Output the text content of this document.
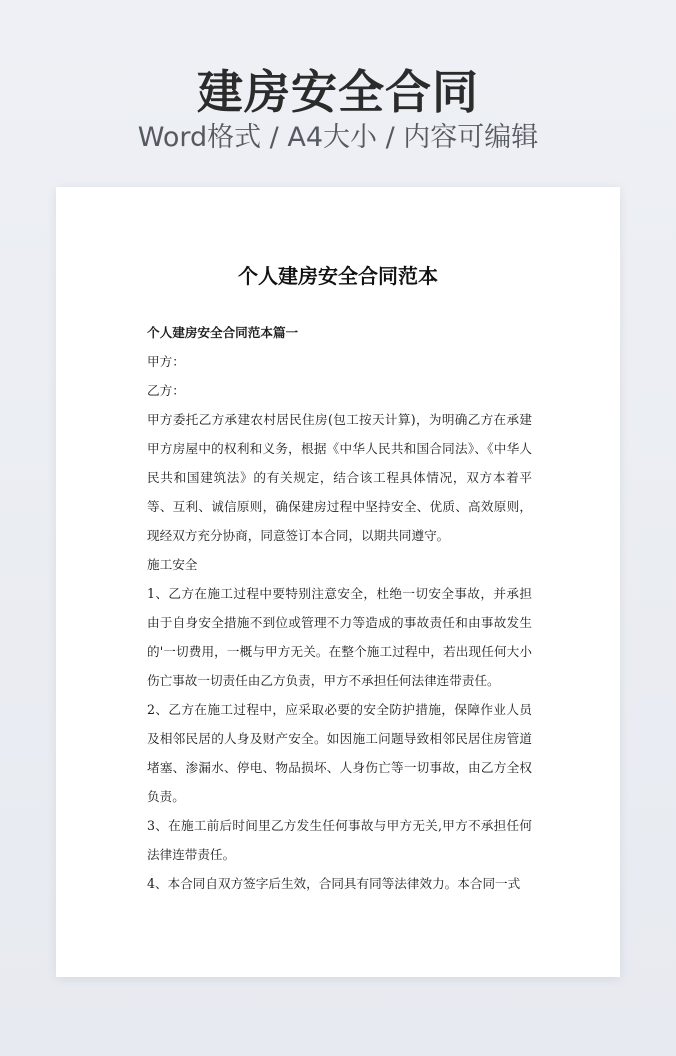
建房安全合同
Word格式 / A4大小 / 内容可编辑
个人建房安全合同范本

个人建房安全合同范本篇一

甲方：

乙方：

甲方委托乙方承建农村居民住房(包工按天计算)，为明确乙方在承建甲方房屋中的权利和义务，根据《中华人民共和国合同法》、《中华人民共和国建筑法》的有关规定，结合该工程具体情况，双方本着平等、互利、诚信原则，确保建房过程中坚持安全、优质、高效原则，现经双方充分协商，同意签订本合同，以期共同遵守。

施工安全

1、乙方在施工过程中要特别注意安全，杜绝一切安全事故，并承担由于自身安全措施不到位或管理不力等造成的事故责任和由事故发生的'一切费用，一概与甲方无关。在整个施工过程中，若出现任何大小伤亡事故一切责任由乙方负责，甲方不承担任何法律连带责任。

2、乙方在施工过程中，应采取必要的安全防护措施，保障作业人员及相邻民居的人身及财产安全。如因施工问题导致相邻民居住房管道堵塞、渗漏水、停电、物品损坏、人身伤亡等一切事故，由乙方全权负责。

3、在施工前后时间里乙方发生任何事故与甲方无关,甲方不承担任何法律连带责任。

4、本合同自双方签字后生效，合同具有同等法律效力。本合同一式
